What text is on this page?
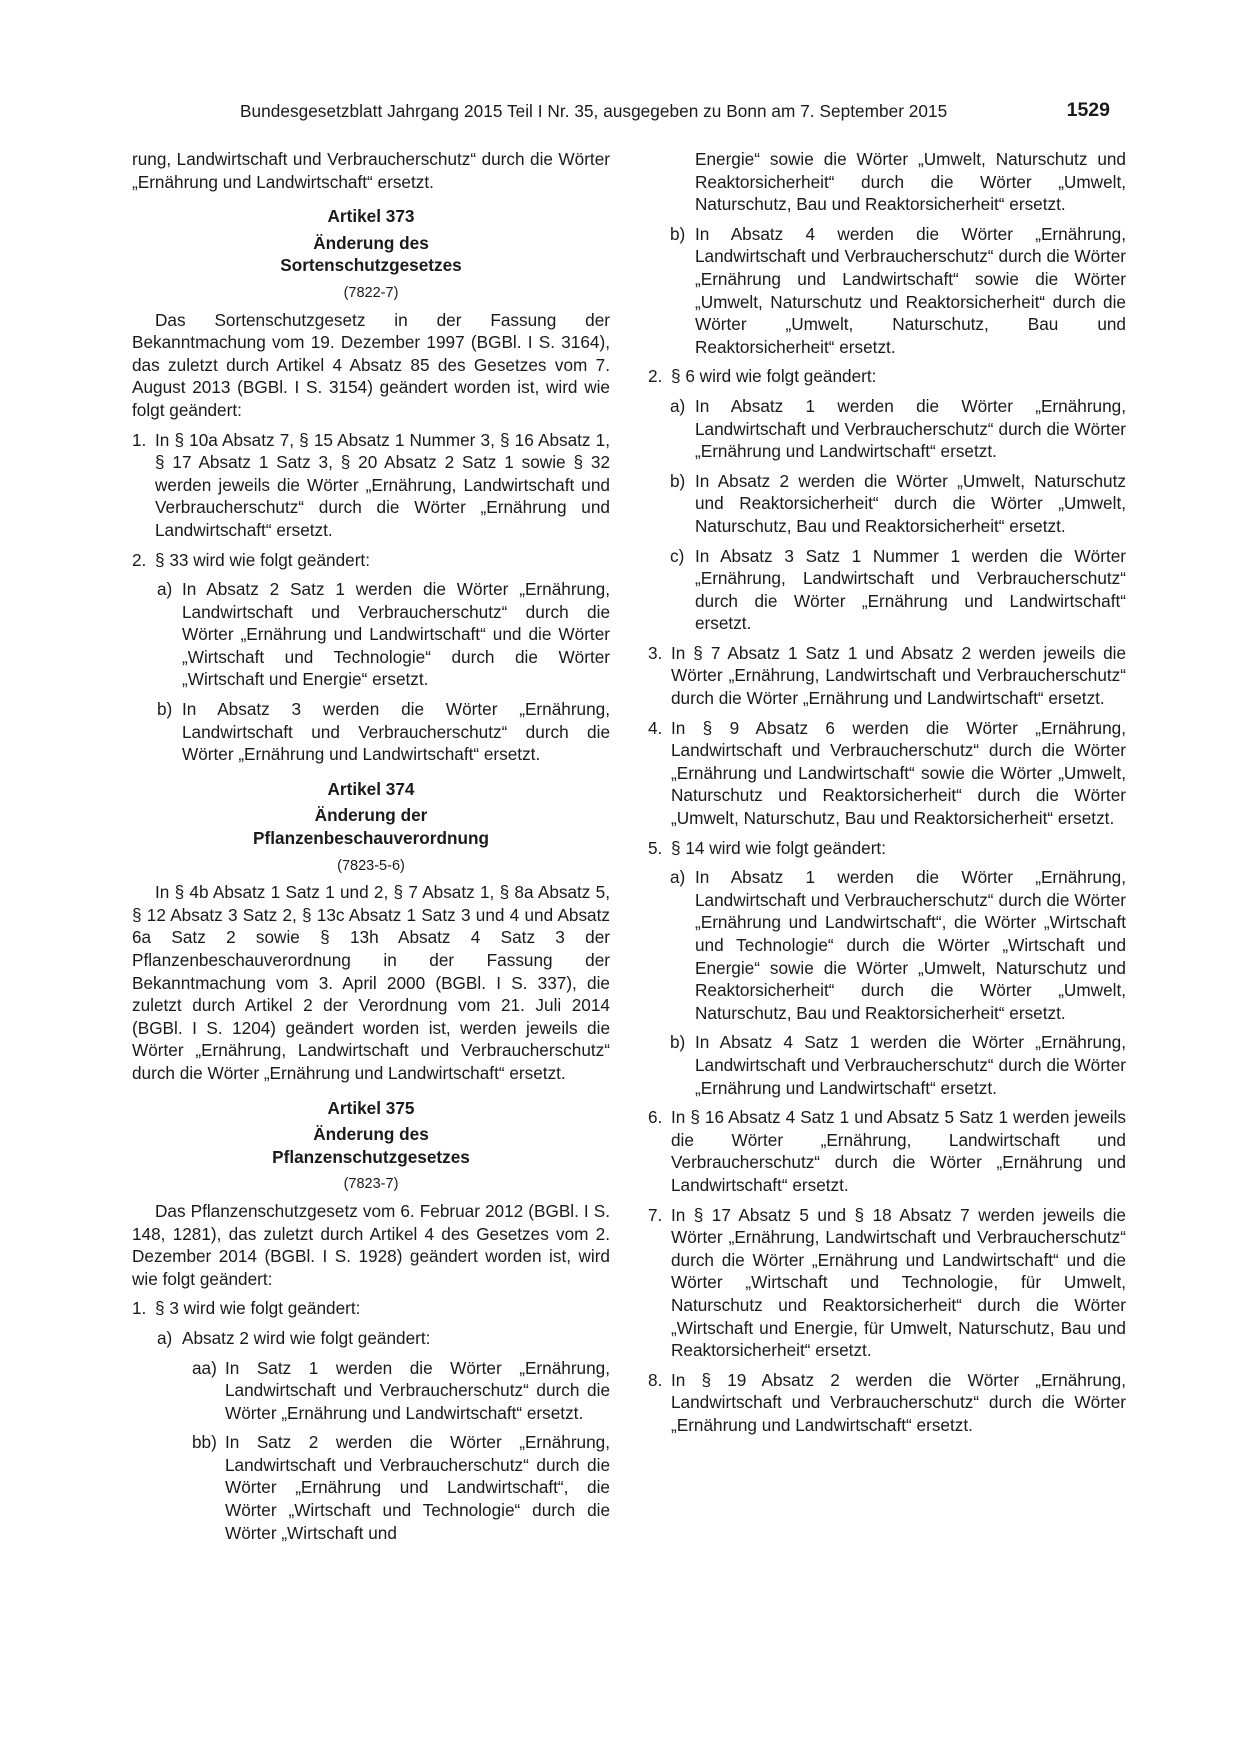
Bundesgesetzblatt Jahrgang 2015 Teil I Nr. 35, ausgegeben zu Bonn am 7. September 2015	1529

rung, Landwirtschaft und Verbraucherschutz“ durch die Wörter „Ernährung und Landwirtschaft“ ersetzt.

Artikel 373

Änderung des

Sortenschutzgesetzes

(7822-7)

Das Sortenschutzgesetz in der Fassung der Bekanntmachung vom 19. Dezember 1997 (BGBl. I S. 3164), das zuletzt durch Artikel 4 Absatz 85 des Gesetzes vom 7. August 2013 (BGBl. I S. 3154) geändert worden ist, wird wie folgt geändert:

1. In § 10a Absatz 7, § 15 Absatz 1 Nummer 3, § 16 Absatz 1, § 17 Absatz 1 Satz 3, § 20 Absatz 2 Satz 1 sowie § 32 werden jeweils die Wörter „Ernährung, Landwirtschaft und Verbraucherschutz“ durch die Wörter „Ernährung und Landwirtschaft“ ersetzt.
2. § 33 wird wie folgt geändert:
a) In Absatz 2 Satz 1 werden die Wörter „Ernährung, Landwirtschaft und Verbraucherschutz“ durch die Wörter „Ernährung und Landwirtschaft“ und die Wörter „Wirtschaft und Technologie“ durch die Wörter „Wirtschaft und Energie“ ersetzt.
b) In Absatz 3 werden die Wörter „Ernährung, Landwirtschaft und Verbraucherschutz“ durch die Wörter „Ernährung und Landwirtschaft“ ersetzt.

Artikel 374

Änderung der

Pflanzenbeschauverordnung

(7823-5-6)

In § 4b Absatz 1 Satz 1 und 2, § 7 Absatz 1, § 8a Absatz 5, § 12 Absatz 3 Satz 2, § 13c Absatz 1 Satz 3 und 4 und Absatz 6a Satz 2 sowie § 13h Absatz 4 Satz 3 der Pflanzenbeschauverordnung in der Fassung der Bekanntmachung vom 3. April 2000 (BGBl. I S. 337), die zuletzt durch Artikel 2 der Verordnung vom 21. Juli 2014 (BGBl. I S. 1204) geändert worden ist, werden jeweils die Wörter „Ernährung, Landwirtschaft und Verbraucherschutz“ durch die Wörter „Ernährung und Landwirtschaft“ ersetzt.

Artikel 375

Änderung des

Pflanzenschutzgesetzes

(7823-7)

Das Pflanzenschutzgesetz vom 6. Februar 2012 (BGBl. I S. 148, 1281), das zuletzt durch Artikel 4 des Gesetzes vom 2. Dezember 2014 (BGBl. I S. 1928) geändert worden ist, wird wie folgt geändert:

1. § 3 wird wie folgt geändert:
a) Absatz 2 wird wie folgt geändert:
aa) In Satz 1 werden die Wörter „Ernährung, Landwirtschaft und Verbraucherschutz“ durch die Wörter „Ernährung und Landwirtschaft“ ersetzt.
bb) In Satz 2 werden die Wörter „Ernährung, Landwirtschaft und Verbraucherschutz“ durch die Wörter „Ernährung und Landwirtschaft“, die Wörter „Wirtschaft und Technologie“ durch die Wörter „Wirtschaft und

Energie“ sowie die Wörter „Umwelt, Naturschutz und Reaktorsicherheit“ durch die Wörter „Umwelt, Naturschutz, Bau und Reaktorsicherheit“ ersetzt.

b) In Absatz 4 werden die Wörter „Ernährung, Landwirtschaft und Verbraucherschutz“ durch die Wörter „Ernährung und Landwirtschaft“ sowie die Wörter „Umwelt, Naturschutz und Reaktorsicherheit“ durch die Wörter „Umwelt, Naturschutz, Bau und Reaktorsicherheit“ ersetzt.
2. § 6 wird wie folgt geändert:
a) In Absatz 1 werden die Wörter „Ernährung, Landwirtschaft und Verbraucherschutz“ durch die Wörter „Ernährung und Landwirtschaft“ ersetzt.
b) In Absatz 2 werden die Wörter „Umwelt, Naturschutz und Reaktorsicherheit“ durch die Wörter „Umwelt, Naturschutz, Bau und Reaktorsicherheit“ ersetzt.
c) In Absatz 3 Satz 1 Nummer 1 werden die Wörter „Ernährung, Landwirtschaft und Verbraucherschutz“ durch die Wörter „Ernährung und Landwirtschaft“ ersetzt.
3. In § 7 Absatz 1 Satz 1 und Absatz 2 werden jeweils die Wörter „Ernährung, Landwirtschaft und Verbraucherschutz“ durch die Wörter „Ernährung und Landwirtschaft“ ersetzt.
4. In § 9 Absatz 6 werden die Wörter „Ernährung, Landwirtschaft und Verbraucherschutz“ durch die Wörter „Ernährung und Landwirtschaft“ sowie die Wörter „Umwelt, Naturschutz und Reaktorsicherheit“ durch die Wörter „Umwelt, Naturschutz, Bau und Reaktorsicherheit“ ersetzt.
5. § 14 wird wie folgt geändert:
a) In Absatz 1 werden die Wörter „Ernährung, Landwirtschaft und Verbraucherschutz“ durch die Wörter „Ernährung und Landwirtschaft“, die Wörter „Wirtschaft und Technologie“ durch die Wörter „Wirtschaft und Energie“ sowie die Wörter „Umwelt, Naturschutz und Reaktorsicherheit“ durch die Wörter „Umwelt, Naturschutz, Bau und Reaktorsicherheit“ ersetzt.
b) In Absatz 4 Satz 1 werden die Wörter „Ernährung, Landwirtschaft und Verbraucherschutz“ durch die Wörter „Ernährung und Landwirtschaft“ ersetzt.
6. In § 16 Absatz 4 Satz 1 und Absatz 5 Satz 1 werden jeweils die Wörter „Ernährung, Landwirtschaft und Verbraucherschutz“ durch die Wörter „Ernährung und Landwirtschaft“ ersetzt.
7. In § 17 Absatz 5 und § 18 Absatz 7 werden jeweils die Wörter „Ernährung, Landwirtschaft und Verbraucherschutz“ durch die Wörter „Ernährung und Landwirtschaft“ und die Wörter „Wirtschaft und Technologie, für Umwelt, Naturschutz und Reaktorsicherheit“ durch die Wörter „Wirtschaft und Energie, für Umwelt, Naturschutz, Bau und Reaktorsicherheit“ ersetzt.
8. In § 19 Absatz 2 werden die Wörter „Ernährung, Landwirtschaft und Verbraucherschutz“ durch die Wörter „Ernährung und Landwirtschaft“ ersetzt.
